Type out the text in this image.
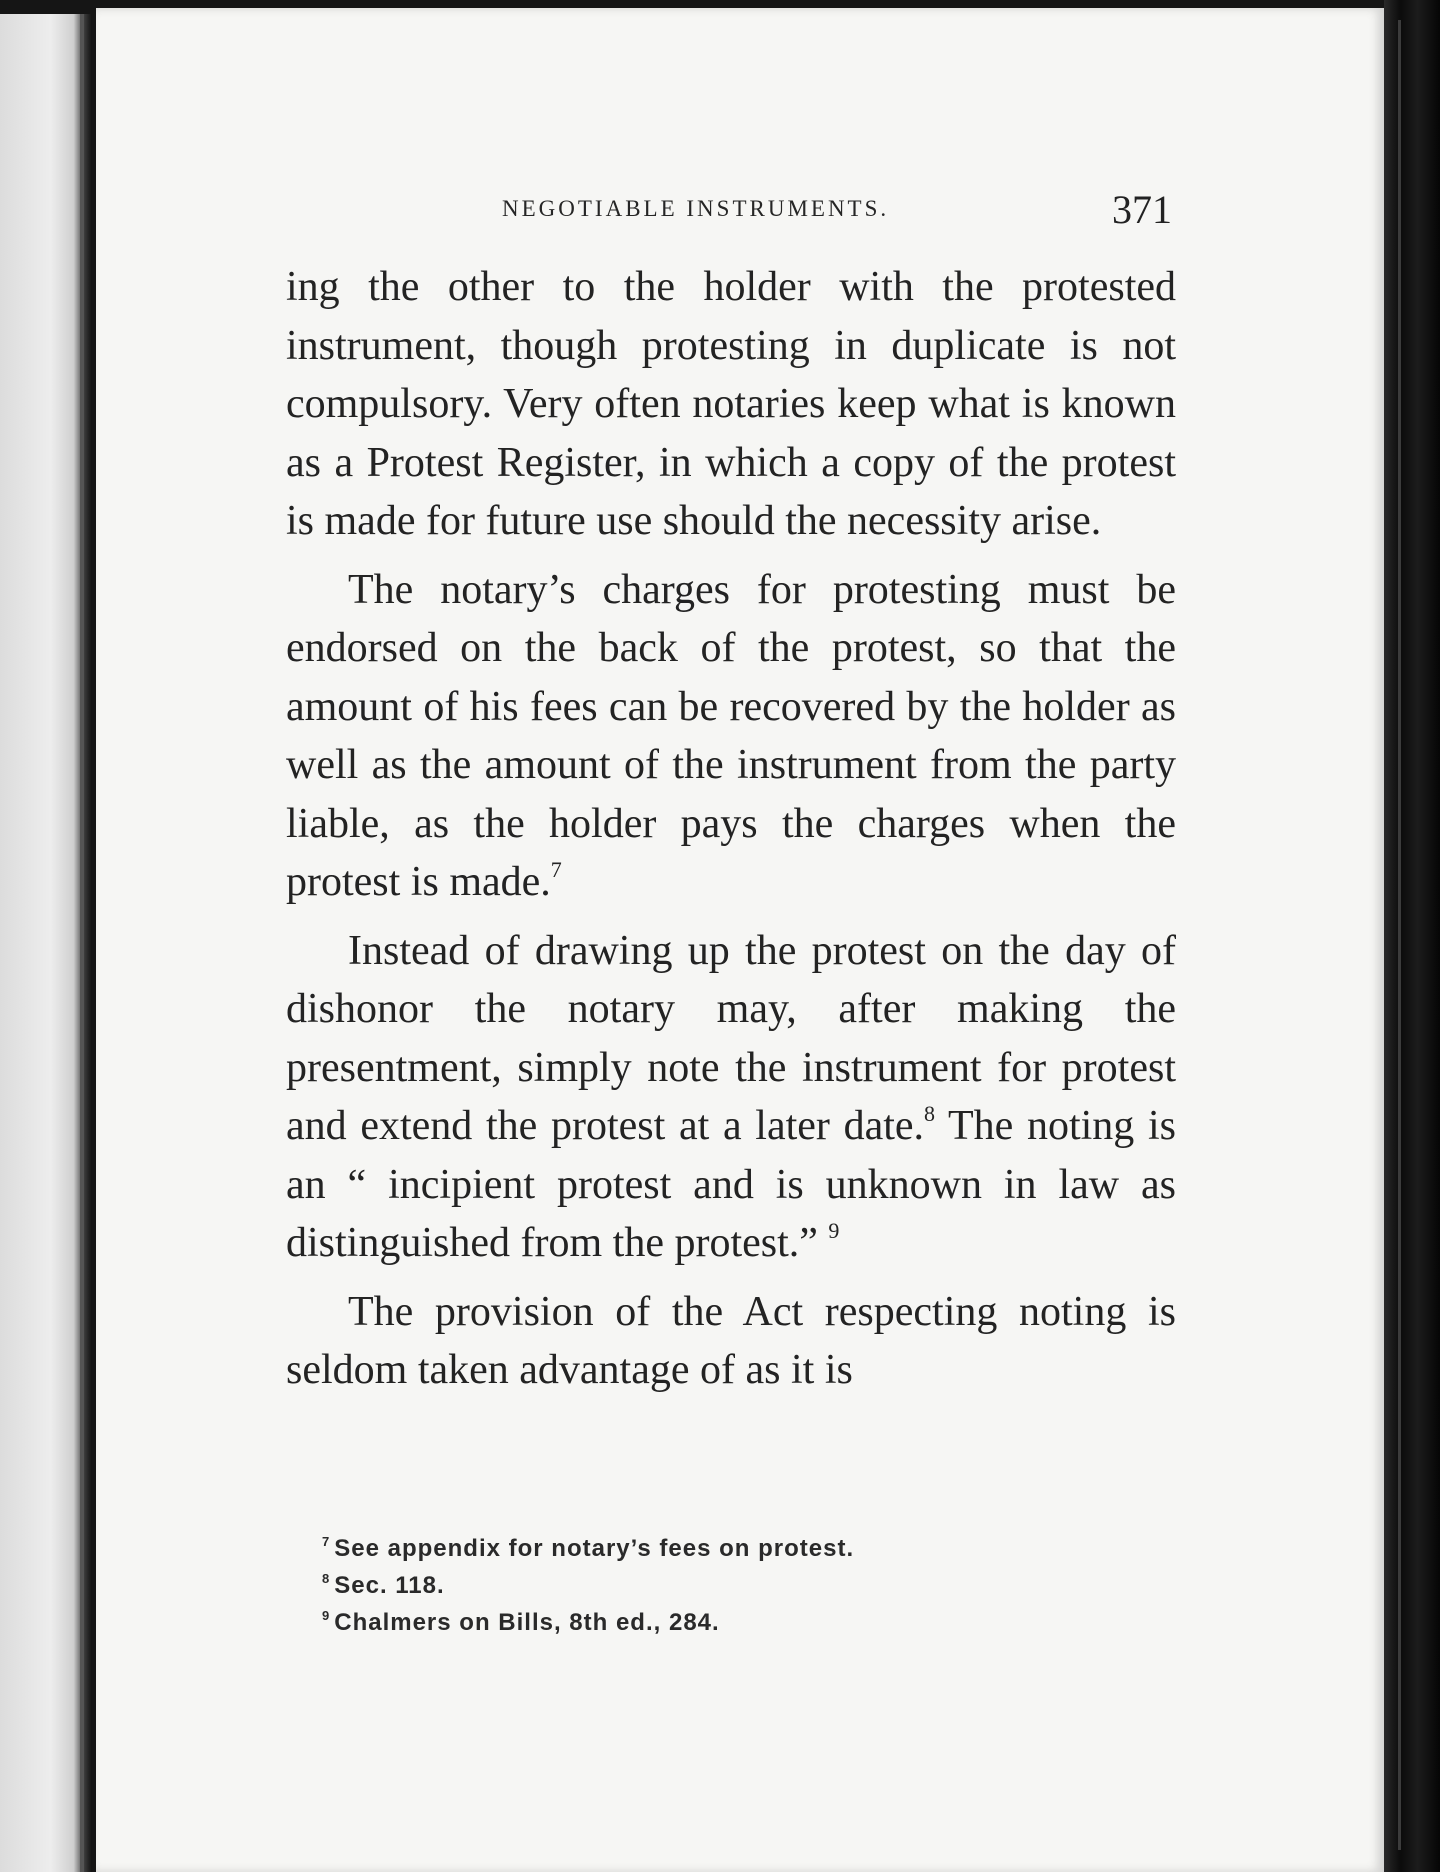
NEGOTIABLE INSTRUMENTS.	371

ing the other to the holder with the protested instrument, though protesting in duplicate is not compulsory. Very often notaries keep what is known as a Protest Register, in which a copy of the protest is made for future use should the necessity arise.

The notary’s charges for protesting must be endorsed on the back of the protest, so that the amount of his fees can be recovered by the holder as well as the amount of the instrument from the party liable, as the holder pays the charges when the protest is made.$^7$

Instead of drawing up the protest on the day of dishonor the notary may, after making the presentment, simply note the instrument for protest and extend the protest at a later date.$^8$ The noting is an “ incipient protest and is unknown in law as distinguished from the protest.” $^9$

The provision of the Act respecting noting is seldom taken advantage of as it is

$^7$ See appendix for notary’s fees on protest.
$^8$ Sec. 118.
$^9$ Chalmers on Bills, 8th ed., 284.
